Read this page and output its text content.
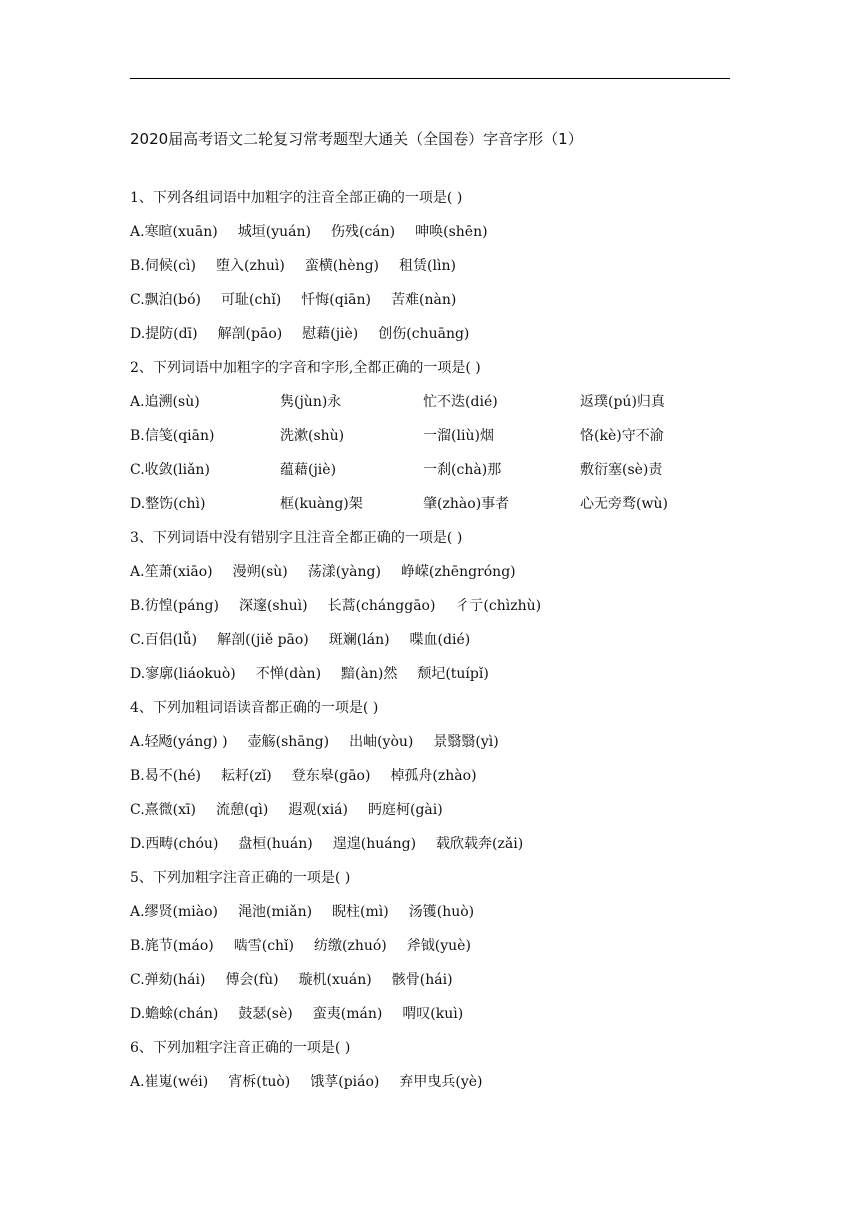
2020届高考语文二轮复习常考题型大通关（全国卷）字音字形（1）
1、下列各组词语中加粗字的注音全部正确的一项是( )
A.寒暄(xuān) 城垣(yuán) 伤残(cán) 呻唤(shēn)
B.伺候(cì) 堕入(zhuì) 蛮横(hèng) 租赁(lìn)
C.飘泊(bó) 可耻(chǐ) 忏悔(qiān) 苦难(nàn)
D.提防(dī) 解剖(pāo) 慰藉(jiè) 创伤(chuāng)
2、下列词语中加粗字的字音和字形,全都正确的一项是( )
A.追溯(sù)	隽(jùn)永	忙不迭(dié)	返璞(pú)归真
B.信笺(qiān)	洗漱(shù)	一溜(liù)烟	恪(kè)守不渝
C.收敛(liǎn)	蕴藉(jiè)	一刹(chà)那	敷衍塞(sè)责
D.整饬(chì)	框(kuàng)架	肇(zhào)事者	心无旁骛(wù)
3、下列词语中没有错别字且注音全都正确的一项是( )
A.笙萧(xiāo) 漫朔(sù) 荡漾(yàng) 峥嵘(zhēngróng)
B.彷惶(páng) 深邃(shuì) 长蒿(chánggāo) 彳亍(chìzhù)
C.百侣(lǚ) 解剖((jiě pāo) 斑斓(lán) 喋血(dié)
D.寥廓(liáokuò) 不惮(dàn) 黯(àn)然 颓圮(tuípǐ)
4、下列加粗词语读音都正确的一项是( )
A.轻飏(yáng) ) 壶觞(shāng) 出岫(yòu) 景翳翳(yì)
B.曷不(hé) 耘耔(zǐ) 登东皋(gāo) 棹孤舟(zhào)
C.熹微(xī) 流憩(qì) 遐观(xiá) 眄庭柯(gài)
D.西畴(chóu) 盘桓(huán) 遑遑(huáng) 载欣载奔(zǎi)
5、下列加粗字注音正确的一项是( )
A.缪贤(miào) 渑池(miǎn) 睨柱(mì) 汤镬(huò)
B.旄节(máo) 啮雪(chǐ) 纺缴(zhuó) 斧钺(yuè)
C.弹劾(hái) 傅会(fù) 璇机(xuán) 骸骨(hái)
D.蟾蜍(chán) 鼓瑟(sè) 蛮夷(mán) 喟叹(kuì)
6、下列加粗字注音正确的一项是( )
A.崔嵬(wéi) 宵柝(tuò) 饿莩(piáo) 弃甲曳兵(yè)
